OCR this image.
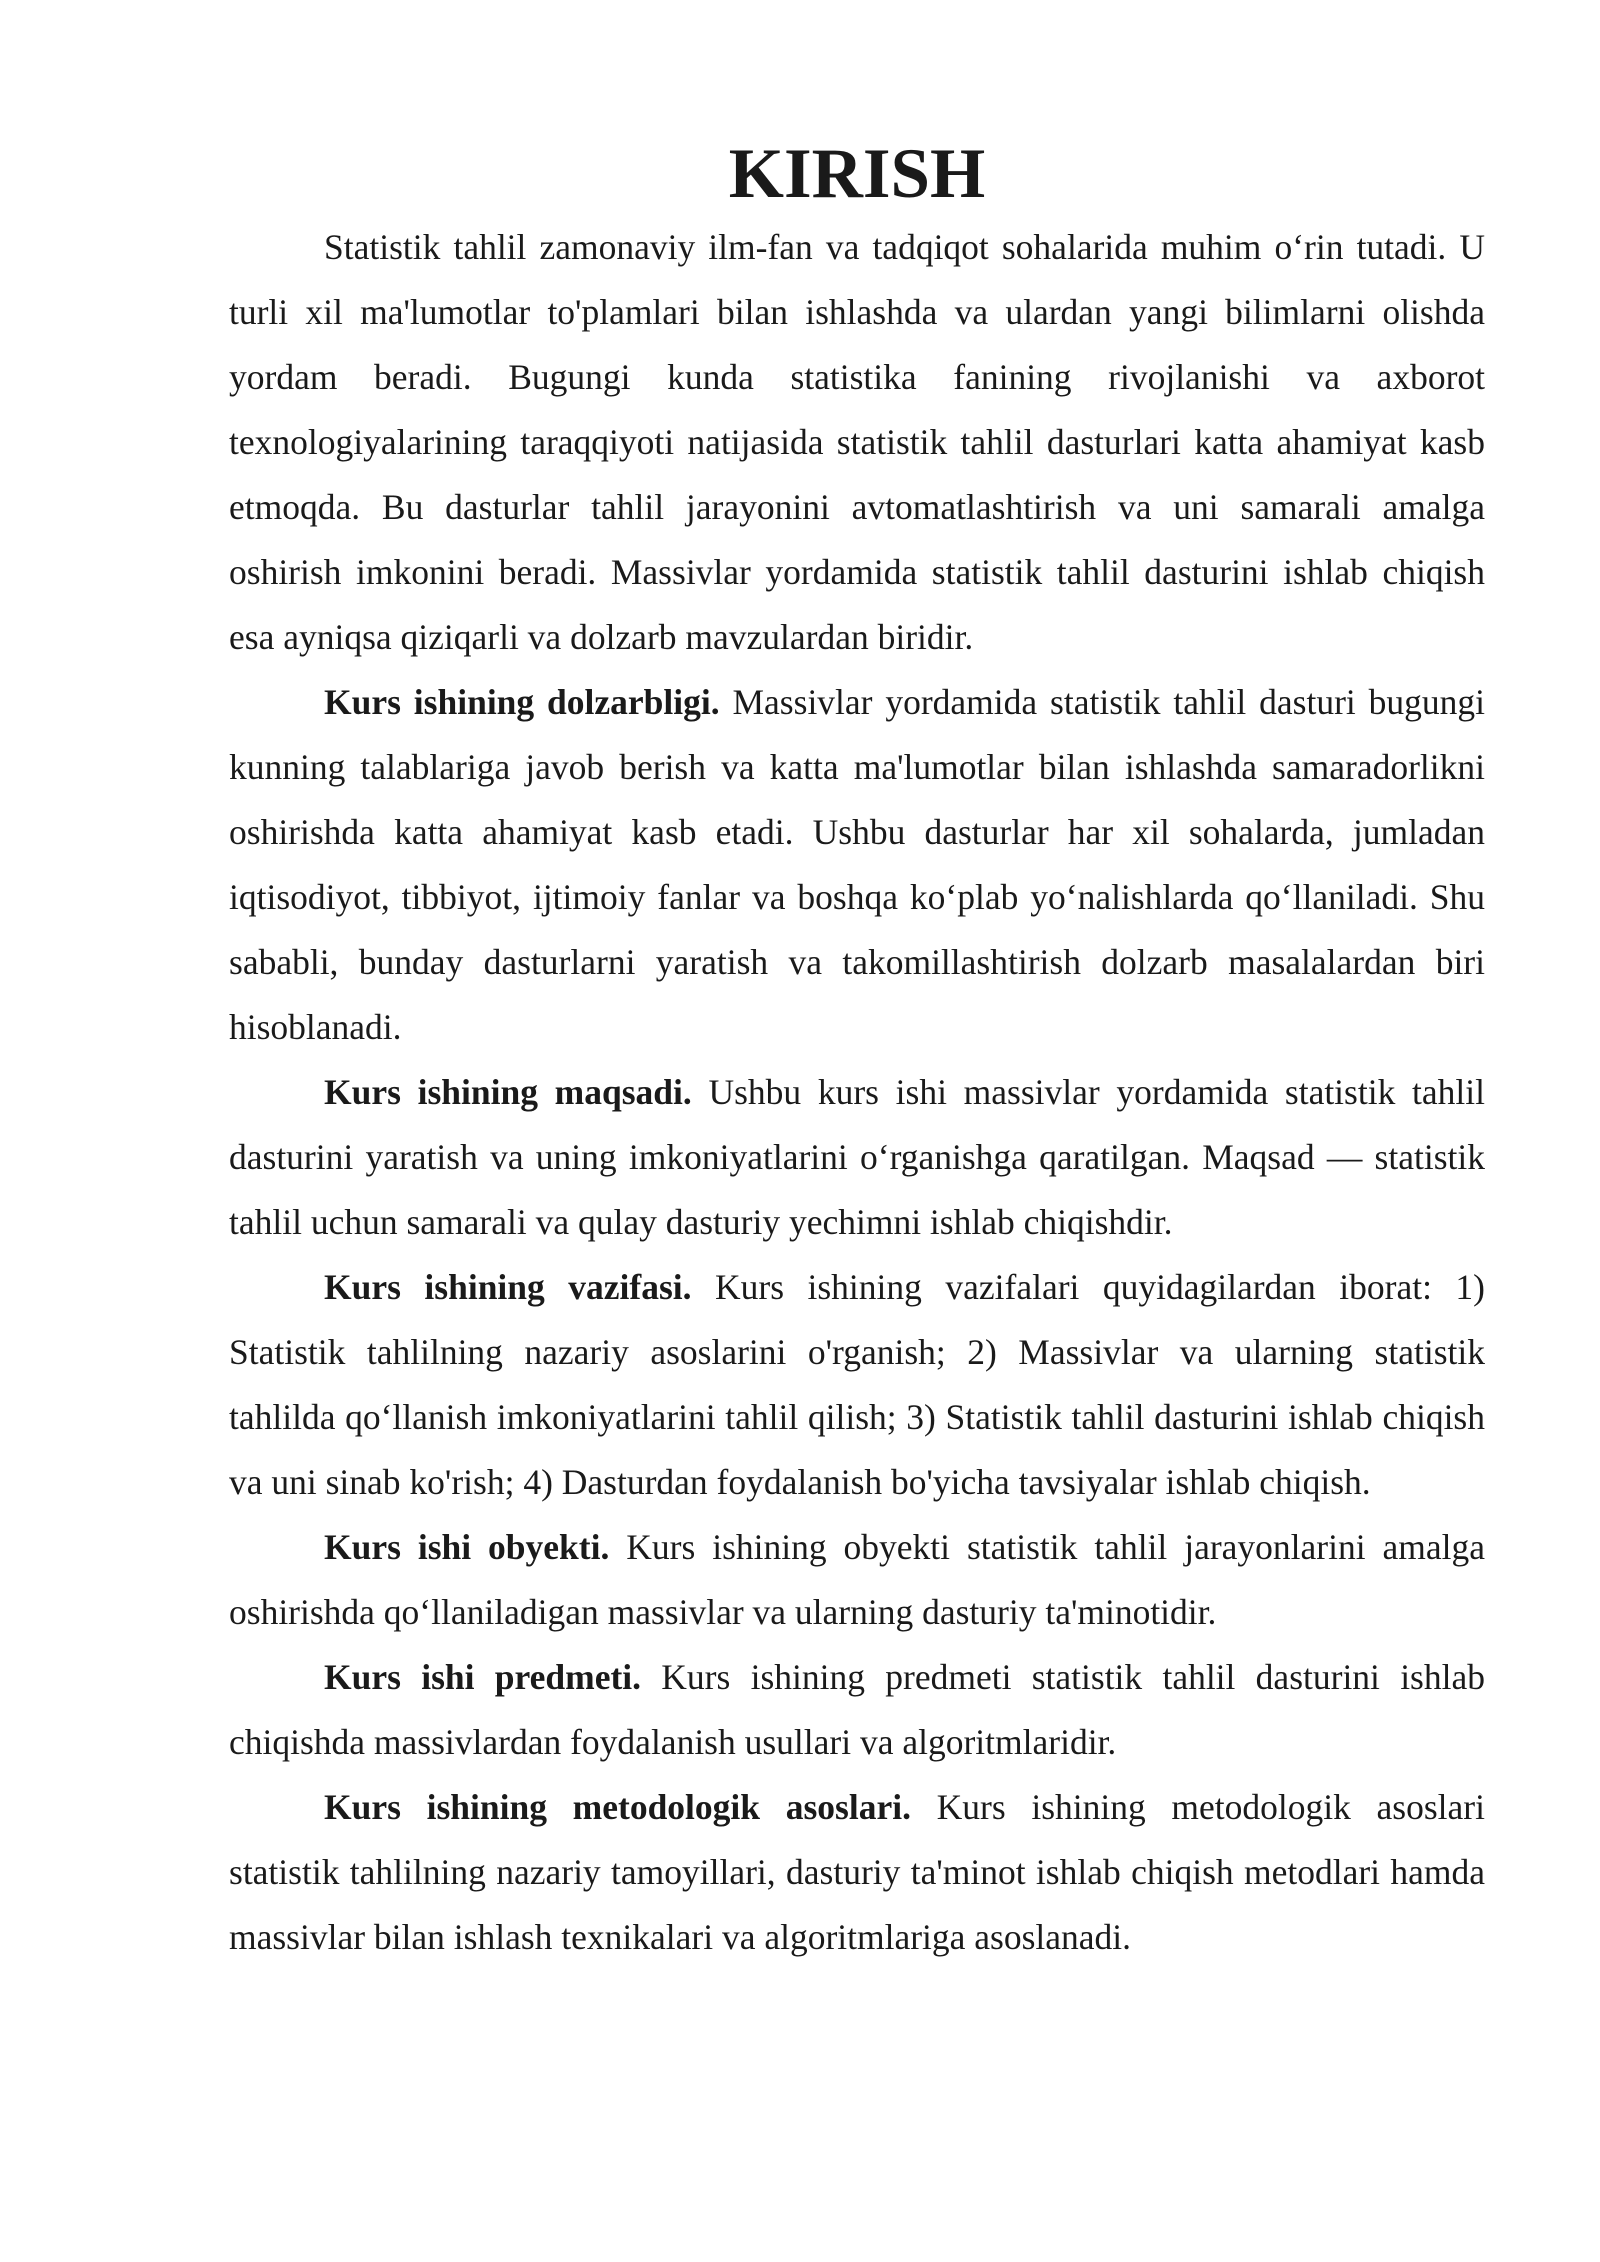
KIRISH

Statistik tahlil zamonaviy ilm-fan va tadqiqot sohalarida muhim o‘rin tutadi. U turli xil ma'lumotlar to'plamlari bilan ishlashda va ulardan yangi bilimlarni olishda yordam beradi. Bugungi kunda statistika fanining rivojlanishi va axborot texnologiyalarining taraqqiyoti natijasida statistik tahlil dasturlari katta ahamiyat kasb etmoqda. Bu dasturlar tahlil jarayonini avtomatlashtirish va uni samarali amalga oshirish imkonini beradi. Massivlar yordamida statistik tahlil dasturini ishlab chiqish esa ayniqsa qiziqarli va dolzarb mavzulardan biridir.

Kurs ishining dolzarbligi. Massivlar yordamida statistik tahlil dasturi bugungi kunning talablariga javob berish va katta ma'lumotlar bilan ishlashda samaradorlikni oshirishda katta ahamiyat kasb etadi. Ushbu dasturlar har xil sohalarda, jumladan iqtisodiyot, tibbiyot, ijtimoiy fanlar va boshqa ko‘plab yo‘nalishlarda qo‘llaniladi. Shu sababli, bunday dasturlarni yaratish va takomillashtirish dolzarb masalalardan biri hisoblanadi.

Kurs ishining maqsadi. Ushbu kurs ishi massivlar yordamida statistik tahlil dasturini yaratish va uning imkoniyatlarini o‘rganishga qaratilgan. Maqsad — statistik tahlil uchun samarali va qulay dasturiy yechimni ishlab chiqishdir.

Kurs ishining vazifasi. Kurs ishining vazifalari quyidagilardan iborat: 1) Statistik tahlilning nazariy asoslarini o'rganish; 2) Massivlar va ularning statistik tahlilda qo‘llanish imkoniyatlarini tahlil qilish; 3) Statistik tahlil dasturini ishlab chiqish va uni sinab ko'rish; 4) Dasturdan foydalanish bo'yicha tavsiyalar ishlab chiqish.

Kurs ishi obyekti. Kurs ishining obyekti statistik tahlil jarayonlarini amalga oshirishda qo‘llaniladigan massivlar va ularning dasturiy ta'minotidir.

Kurs ishi predmeti. Kurs ishining predmeti statistik tahlil dasturini ishlab chiqishda massivlardan foydalanish usullari va algoritmlaridir.

Kurs ishining metodologik asoslari. Kurs ishining metodologik asoslari statistik tahlilning nazariy tamoyillari, dasturiy ta'minot ishlab chiqish metodlari hamda massivlar bilan ishlash texnikalari va algoritmlariga asoslanadi.
